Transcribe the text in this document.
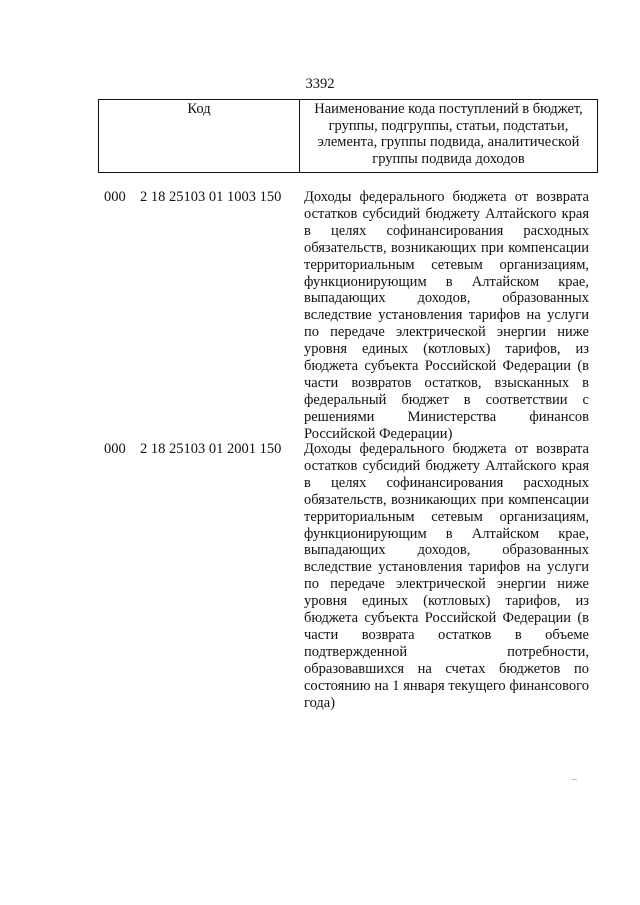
3392
Код	Наименование кода поступлений в бюджет, группы, подгруппы, статьи, подстатьи, элемента, группы подвида, аналитической группы подвида доходов
000 2 18 25103 01 1003 150 Доходы федерального бюджета от возврата остатков субсидий бюджету Алтайского края в целях софинансирования расходных обязательств, возникающих при компенсации территориальным сетевым организациям, функционирующим в Алтайском крае, выпадающих доходов, образованных вследствие установления тарифов на услуги по передаче электрической энергии ниже уровня единых (котловых) тарифов, из бюджета субъекта Российской Федерации (в части возвратов остатков, взысканных в федеральный бюджет в соответствии с решениями Министерства финансов Российской Федерации)
000 2 18 25103 01 2001 150 Доходы федерального бюджета от возврата остатков субсидий бюджету Алтайского края в целях софинансирования расходных обязательств, возникающих при компенсации территориальным сетевым организациям, функционирующим в Алтайском крае, выпадающих доходов, образованных вследствие установления тарифов на услуги по передаче электрической энергии ниже уровня единых (котловых) тарифов, из бюджета субъекта Российской Федерации (в части возврата остатков в объеме подтвержденной потребности, образовавшихся на счетах бюджетов по состоянию на 1 января текущего финансового года)
